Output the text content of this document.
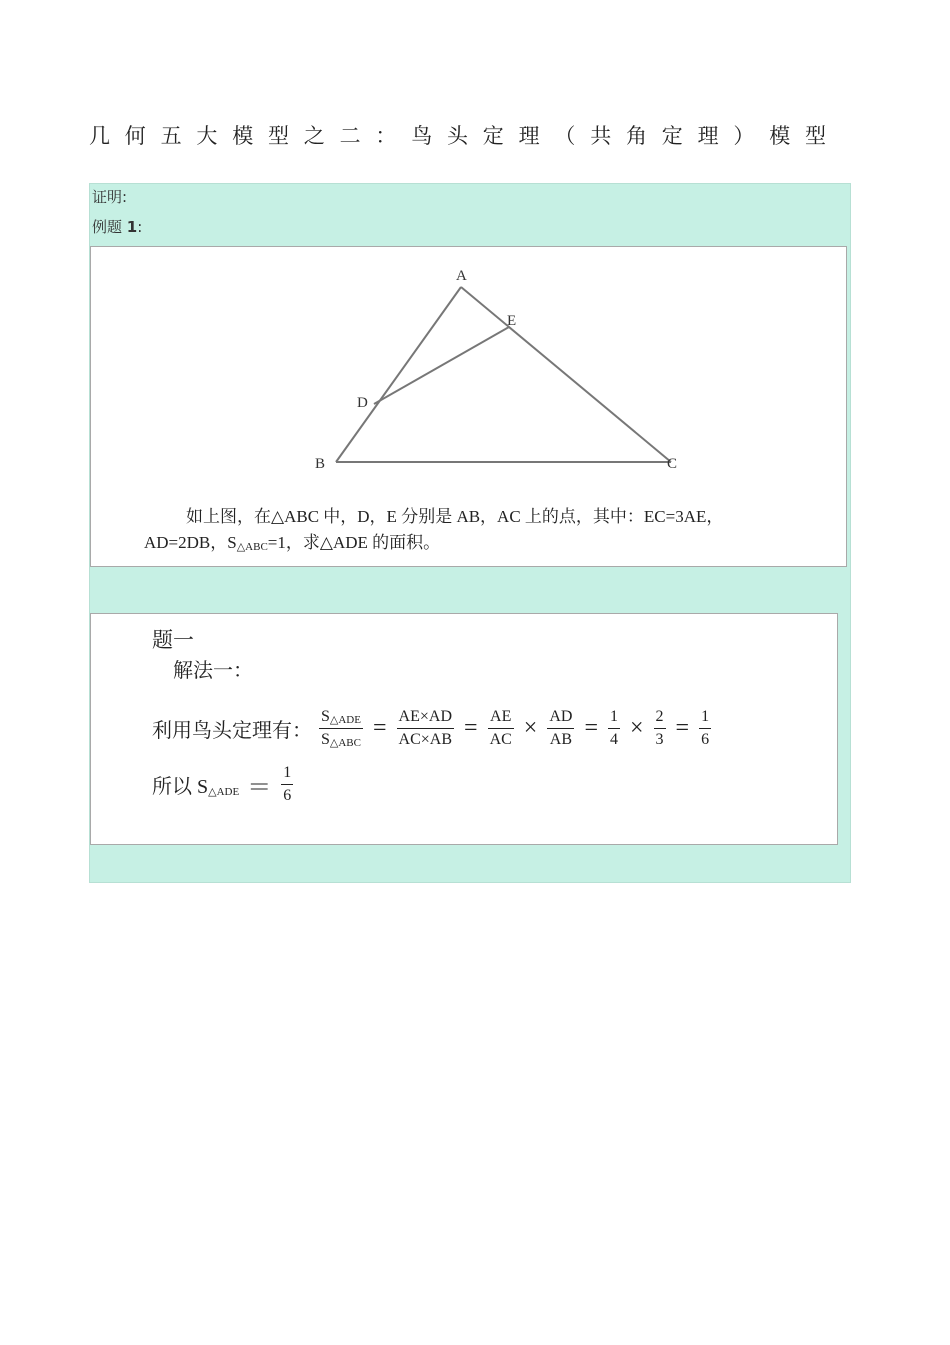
几何五大模型之二：鸟头定理（共角定理）模型
证明:
例题 1:
A
E
D
B	C
如上图，在△ABC 中，D，E 分别是 AB，AC 上的点，其中：EC=3AE，
AD=2DB，S△ABC=1，求△ADE 的面积。
题一
解法一：
利用鸟头定理有： $\frac{\text{S△ADE}}{\text{S△ABC}} = \frac{AE\times AD}{AC\times AB} = \frac{AE}{AC} \times \frac{AD}{AB} = \frac{1}{4} \times \frac{2}{3} = \frac{1}{6}$
所以 S△ADE ＝ $\frac{1}{6}$
